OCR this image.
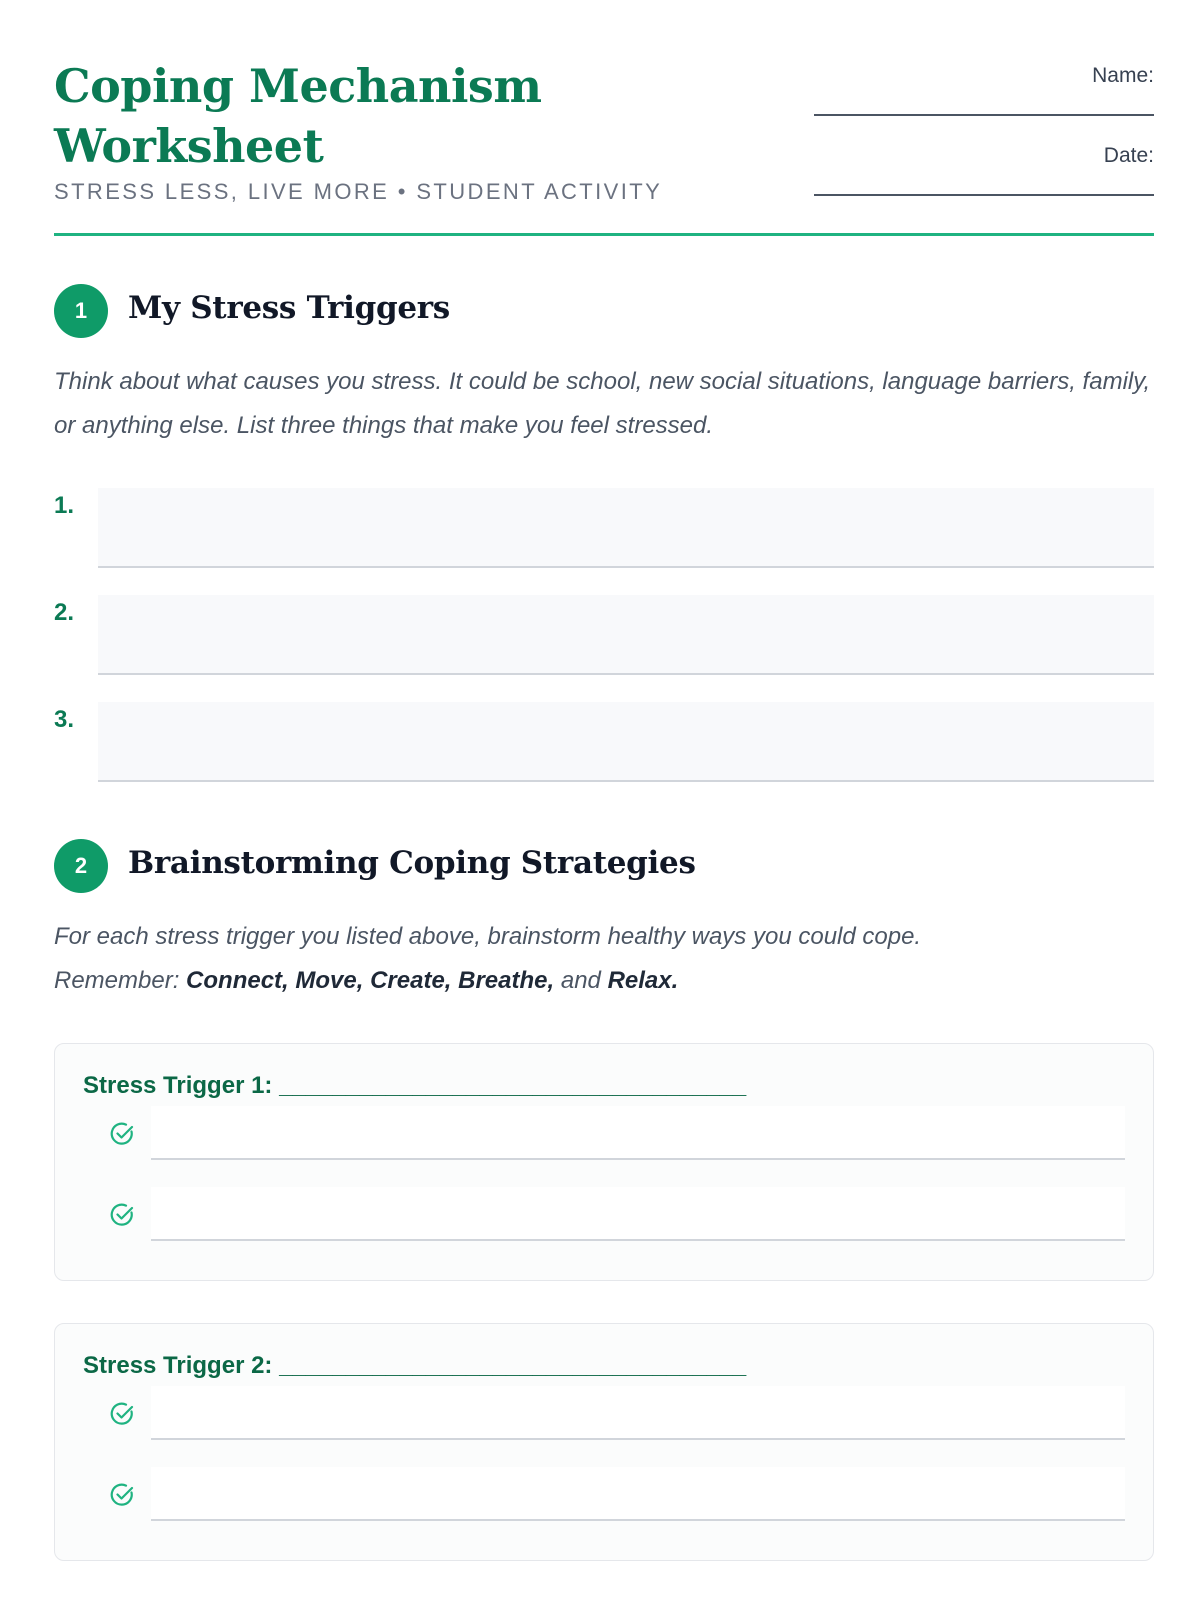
Coping Mechanism Worksheet
STRESS LESS, LIVE MORE • STUDENT ACTIVITY
Name:
Date:
1	My Stress Triggers

Think about what causes you stress. It could be school, new social situations, language barriers, family, or anything else. List three things that make you feel stressed.

1.
2.
3.
2	Brainstorming Coping Strategies

For each stress trigger you listed above, brainstorm healthy ways you could cope.
Remember: Connect, Move, Create, Breathe, and Relax.

Stress Trigger 1: ___________________________________
Stress Trigger 2: ___________________________________
